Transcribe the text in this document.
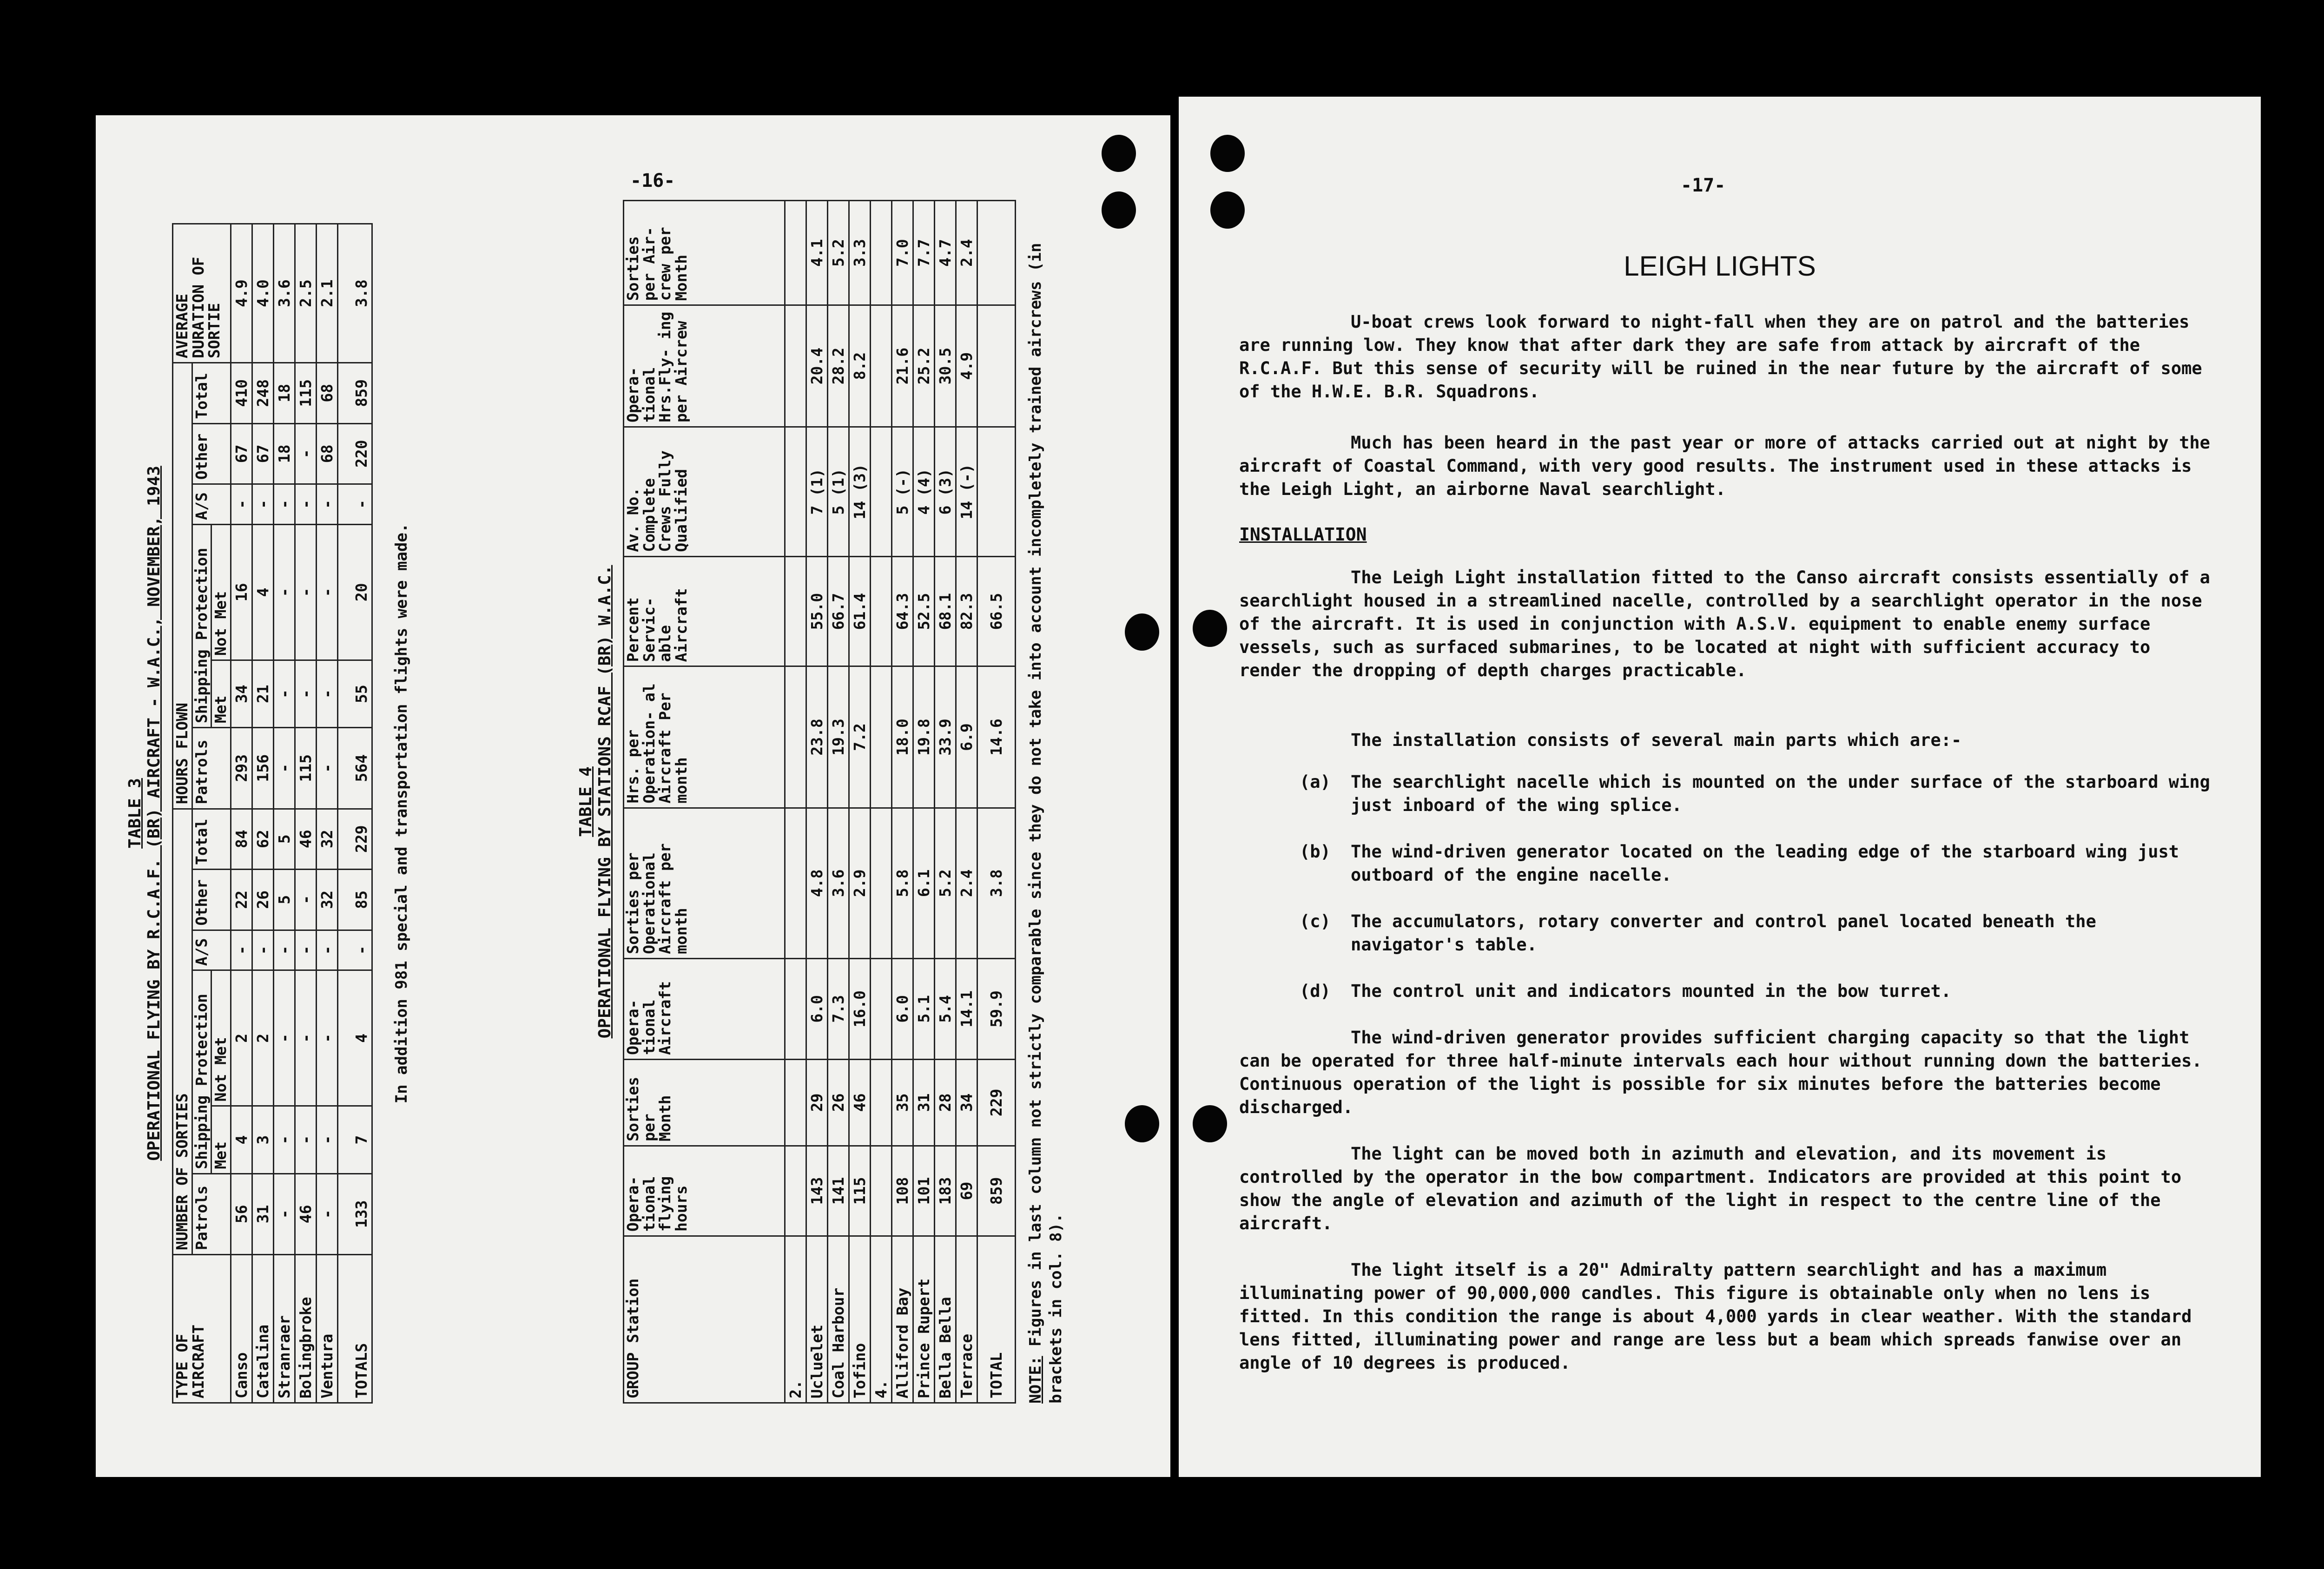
-16-
TABLE 3 OPERATIONAL FLYING BY R.C.A.F. (BR) AIRCRAFT - W.A.C., NOVEMBER, 1943
TYPE OF AIRCRAFT	NUMBER OF SORTIES						HOURS FLOWN						AVERAGE DURATION OF SORTIE
	Patrols	Shipping Protection		A/S	Other	Total	Patrols	Shipping Protection		A/S	Other	Total	
		Met	Not Met					Met	Not Met				
Canso	56	4	2	-	22	84	293	34	16	-	67	410	4.9
Catalina	31	3	2	-	26	62	156	21	4	-	67	248	4.0
Stranraer	-	-	-	-	5	5	-	-	-	-	18	18	3.6
Bolingbroke	46	-	-	-	-	46	115	-	-	-	-	115	2.5
Ventura	-	-	-	-	32	32	-	-	-	-	68	68	2.1
TOTALS	133	7	4	-	85	229	564	55	20	-	220	859	3.8
In addition 981 special and transportation flights were made.	TABLE 4 OPERATIONAL FLYING BY STATIONS RCAF (BR) W.A.C.
GROUP Station	Opera- tional flying hours	Sorties per Month	Opera- tional Aircraft	Sorties per Operational Aircraft per month	Hrs. per Operation- al Aircraft Per month	Percent Servic- able Aircraft	Av. No. Complete Crews Fully Qualified	Opera- tional Hrs.Fly- ing per Aircrew	Sorties per Air- crew per Month
2.									
Ucluelet	143	29	6.0	4.8	23.8	55.0	7 (1)	20.4	4.1
Coal Harbour	141	26	7.3	3.6	19.3	66.7	5 (1)	28.2	5.2
Tofino	115	46	16.0	2.9	7.2	61.4	14 (3)	8.2	3.3
4.									
Alliford Bay	108	35	6.0	5.8	18.0	64.3	5 (-)	21.6	7.0
Prince Rupert	101	31	5.1	6.1	19.8	52.5	4 (4)	25.2	7.7
Bella Bella	183	28	5.4	5.2	33.9	68.1	6 (3)	30.5	4.7
Terrace	69	34	14.1	2.4	6.9	82.3	14 (-)	4.9	2.4
TOTAL	859	229	59.9	3.8	14.6	66.5			
NOTE: Figures in last column not strictly comparable since they do not take into account incompletely trained aircrews (in brackets in col. 8).
-17-
LEIGH LIGHTS
U-boat crews look forward to night-fall when they are on patrol and the batteries are running low. They know that after dark they are safe from attack by aircraft of the R.C.A.F. But this sense of security will be ruined in the near future by the aircraft of some of the H.W.E. B.R. Squadrons.
Much has been heard in the past year or more of attacks carried out at night by the aircraft of Coastal Command, with very good results. The instrument used in these attacks is the Leigh Light, an airborne Naval searchlight.
INSTALLATION
The Leigh Light installation fitted to the Canso aircraft consists essentially of a searchlight housed in a streamlined nacelle, controlled by a searchlight operator in the nose of the aircraft. It is used in conjunction with A.S.V. equipment to enable enemy surface vessels, such as surfaced submarines, to be located at night with sufficient accuracy to render the dropping of depth charges practicable.
The installation consists of several main parts which are:-
(a)	The searchlight nacelle which is mounted on the under surface of the starboard wing just inboard of the wing splice.
(b)	The wind-driven generator located on the leading edge of the starboard wing just outboard of the engine nacelle.
(c)	The accumulators, rotary converter and control panel located beneath the navigator's table.
(d)	The control unit and indicators mounted in the bow turret.
The wind-driven generator provides sufficient charging capacity so that the light can be operated for three half-minute intervals each hour without running down the batteries. Continuous operation of the light is possible for six minutes before the batteries become discharged.
The light can be moved both in azimuth and elevation, and its movement is controlled by the operator in the bow compartment. Indicators are provided at this point to show the angle of elevation and azimuth of the light in respect to the centre line of the aircraft.
The light itself is a 20" Admiralty pattern searchlight and has a maximum illuminating power of 90,000,000 candles. This figure is obtainable only when no lens is fitted. In this condition the range is about 4,000 yards in clear weather. With the standard lens fitted, illuminating power and range are less but a beam which spreads fanwise over an angle of 10 degrees is produced.
